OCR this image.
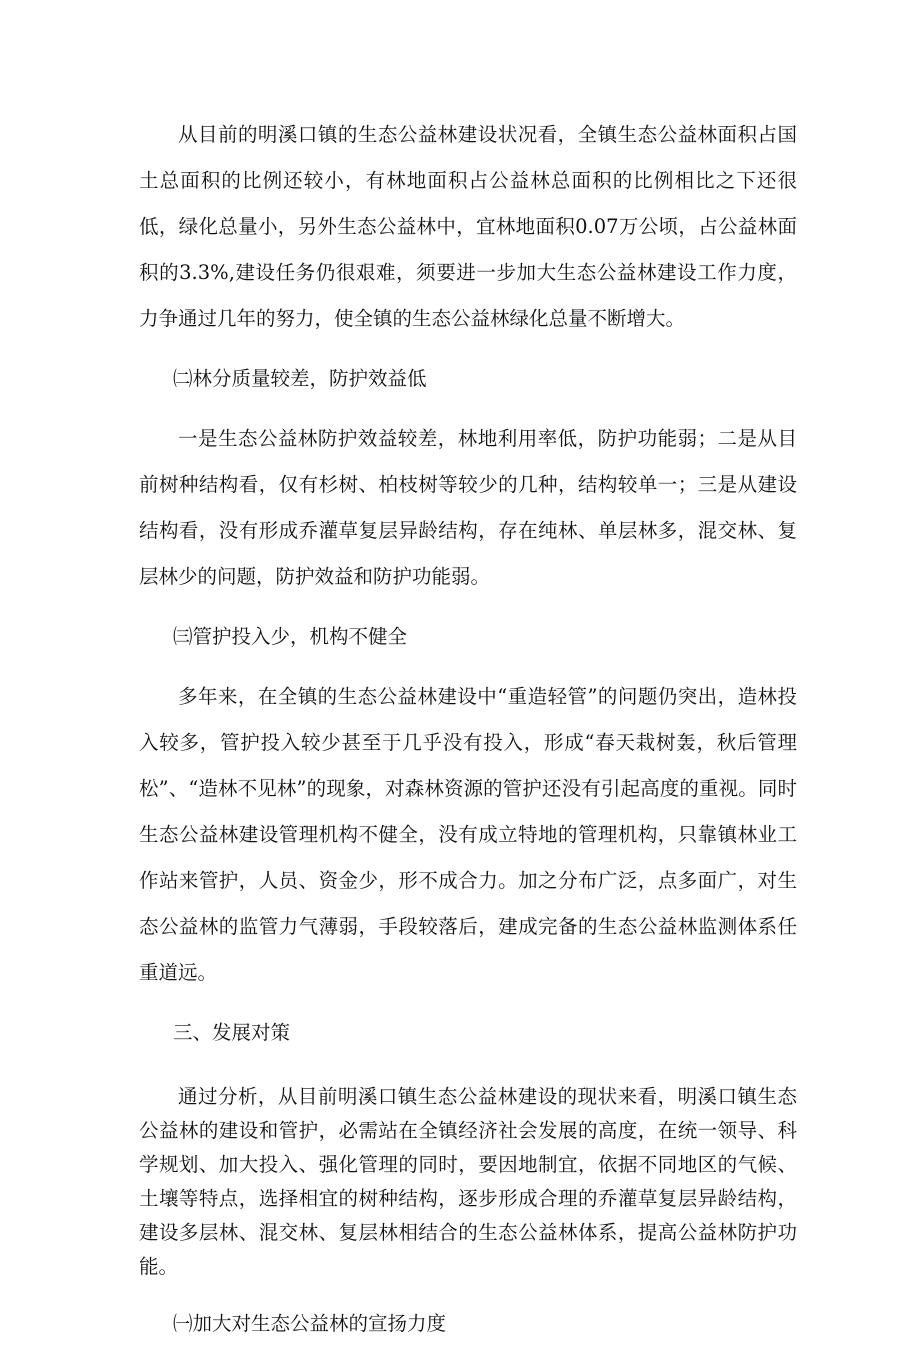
从目前的明溪口镇的生态公益林建设状况看，全镇生态公益林面积占国土总面积的比例还较小，有林地面积占公益林总面积的比例相比之下还很低，绿化总量小，另外生态公益林中，宜林地面积0.07万公顷，占公益林面积的3.3%,建设任务仍很艰难，须要进一步加大生态公益林建设工作力度，力争通过几年的努力，使全镇的生态公益林绿化总量不断增大。

㈡林分质量较差，防护效益低

一是生态公益林防护效益较差，林地利用率低，防护功能弱；二是从目前树种结构看，仅有杉树、柏枝树等较少的几种，结构较单一；三是从建设结构看，没有形成乔灌草复层异龄结构，存在纯林、单层林多，混交林、复层林少的问题，防护效益和防护功能弱。

㈢管护投入少，机构不健全

多年来，在全镇的生态公益林建设中“重造轻管”的问题仍突出，造林投入较多，管护投入较少甚至于几乎没有投入，形成“春天栽树轰，秋后管理松”、“造林不见林”的现象，对森林资源的管护还没有引起高度的重视。同时生态公益林建设管理机构不健全，没有成立特地的管理机构，只靠镇林业工作站来管护，人员、资金少，形不成合力。加之分布广泛，点多面广，对生态公益林的监管力气薄弱，手段较落后，建成完备的生态公益林监测体系任重道远。

三、发展对策

通过分析，从目前明溪口镇生态公益林建设的现状来看，明溪口镇生态公益林的建设和管护，必需站在全镇经济社会发展的高度，在统一领导、科学规划、加大投入、强化管理的同时，要因地制宜，依据不同地区的气候、土壤等特点，选择相宜的树种结构，逐步形成合理的乔灌草复层异龄结构，建设多层林、混交林、复层林相结合的生态公益林体系，提高公益林防护功能。

㈠加大对生态公益林的宣扬力度
